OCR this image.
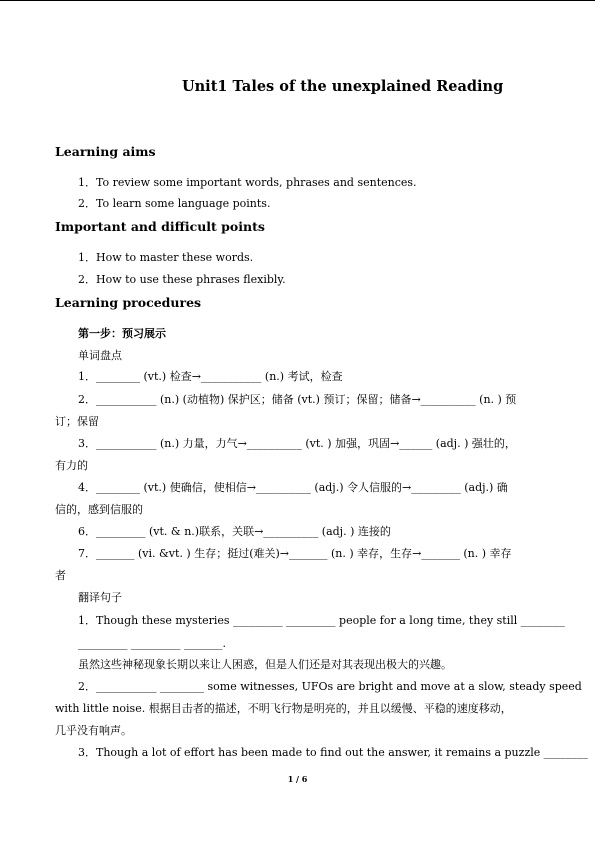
Unit1 Tales of the unexplained Reading
Learning aims
1．To review some important words, phrases and sentences.
2．To learn some language points.
Important and difficult points
1．How to master these words.
2．How to use these phrases flexibly.
Learning procedures
第一步：预习展示
单词盘点
1．________ (vt.) 检查→___________ (n.) 考试，检查
2．___________ (n.) (动植物) 保护区；储备 (vt.) 预订；保留；储备→__________ (n. ) 预
订；保留
3．___________ (n.) 力量，力气→__________ (vt. ) 加强，巩固→______ (adj. ) 强壮的，
有力的
4．________ (vt.) 使确信，使相信→__________ (adj.) 令人信服的→_________ (adj.) 确
信的，感到信服的
6．_________ (vt. & n.)联系，关联→__________ (adj. ) 连接的
7．_______ (vi. &vt. ) 生存；挺过(难关)→_______ (n. ) 幸存，生存→_______ (n. ) 幸存
者
翻译句子
1．Though these mysteries _________ _________ people for a long time, they still ________
_________ _________ _______.
虽然这些神秘现象长期以来让人困惑，但是人们还是对其表现出极大的兴趣。
2．___________ ________ some witnesses, UFOs are bright and move at a slow, steady speed
with little noise. 根据目击者的描述，不明飞行物是明亮的，并且以缓慢、平稳的速度移动，
几乎没有响声。
3．Though a lot of effort has been made to find out the answer, it remains a puzzle ________
1 / 6
